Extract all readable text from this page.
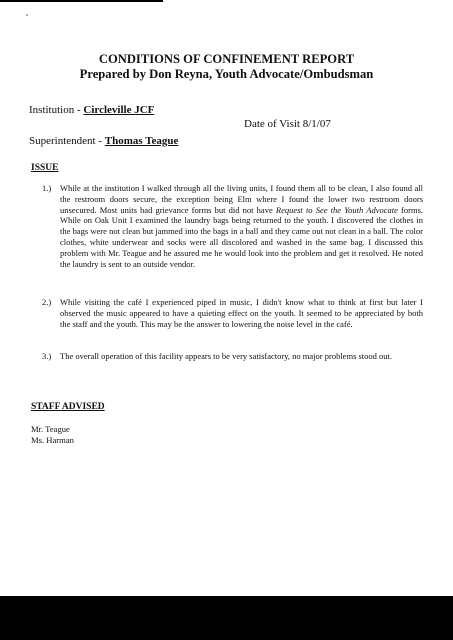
CONDITIONS OF CONFINEMENT REPORT
Prepared by Don Reyna, Youth Advocate/Ombudsman
Institution - Circleville JCF
Date of Visit 8/1/07
Superintendent - Thomas Teague
ISSUE
1.) While at the institution I walked through all the living units, I found them all to be clean, I also found all the restroom doors secure, the exception being Elm where I found the lower two restroom doors unsecured. Most units had grievance forms but did not have Request to See the Youth Advocate forms. While on Oak Unit I examined the laundry bags being returned to the youth. I discovered the clothes in the bags were not clean but jammed into the bags in a ball and they came out not clean in a ball. The color clothes, white underwear and socks were all discolored and washed in the same bag. I discussed this problem with Mr. Teague and he assured me he would look into the problem and get it resolved. He noted the laundry is sent to an outside vendor.
2.) While visiting the café I experienced piped in music, I didn't know what to think at first but later I observed the music appeared to have a quieting effect on the youth. It seemed to be appreciated by both the staff and the youth. This may be the answer to lowering the noise level in the café.
3.) The overall operation of this facility appears to be very satisfactory, no major problems stood out.
STAFF ADVISED
Mr. Teague
Ms. Harman
